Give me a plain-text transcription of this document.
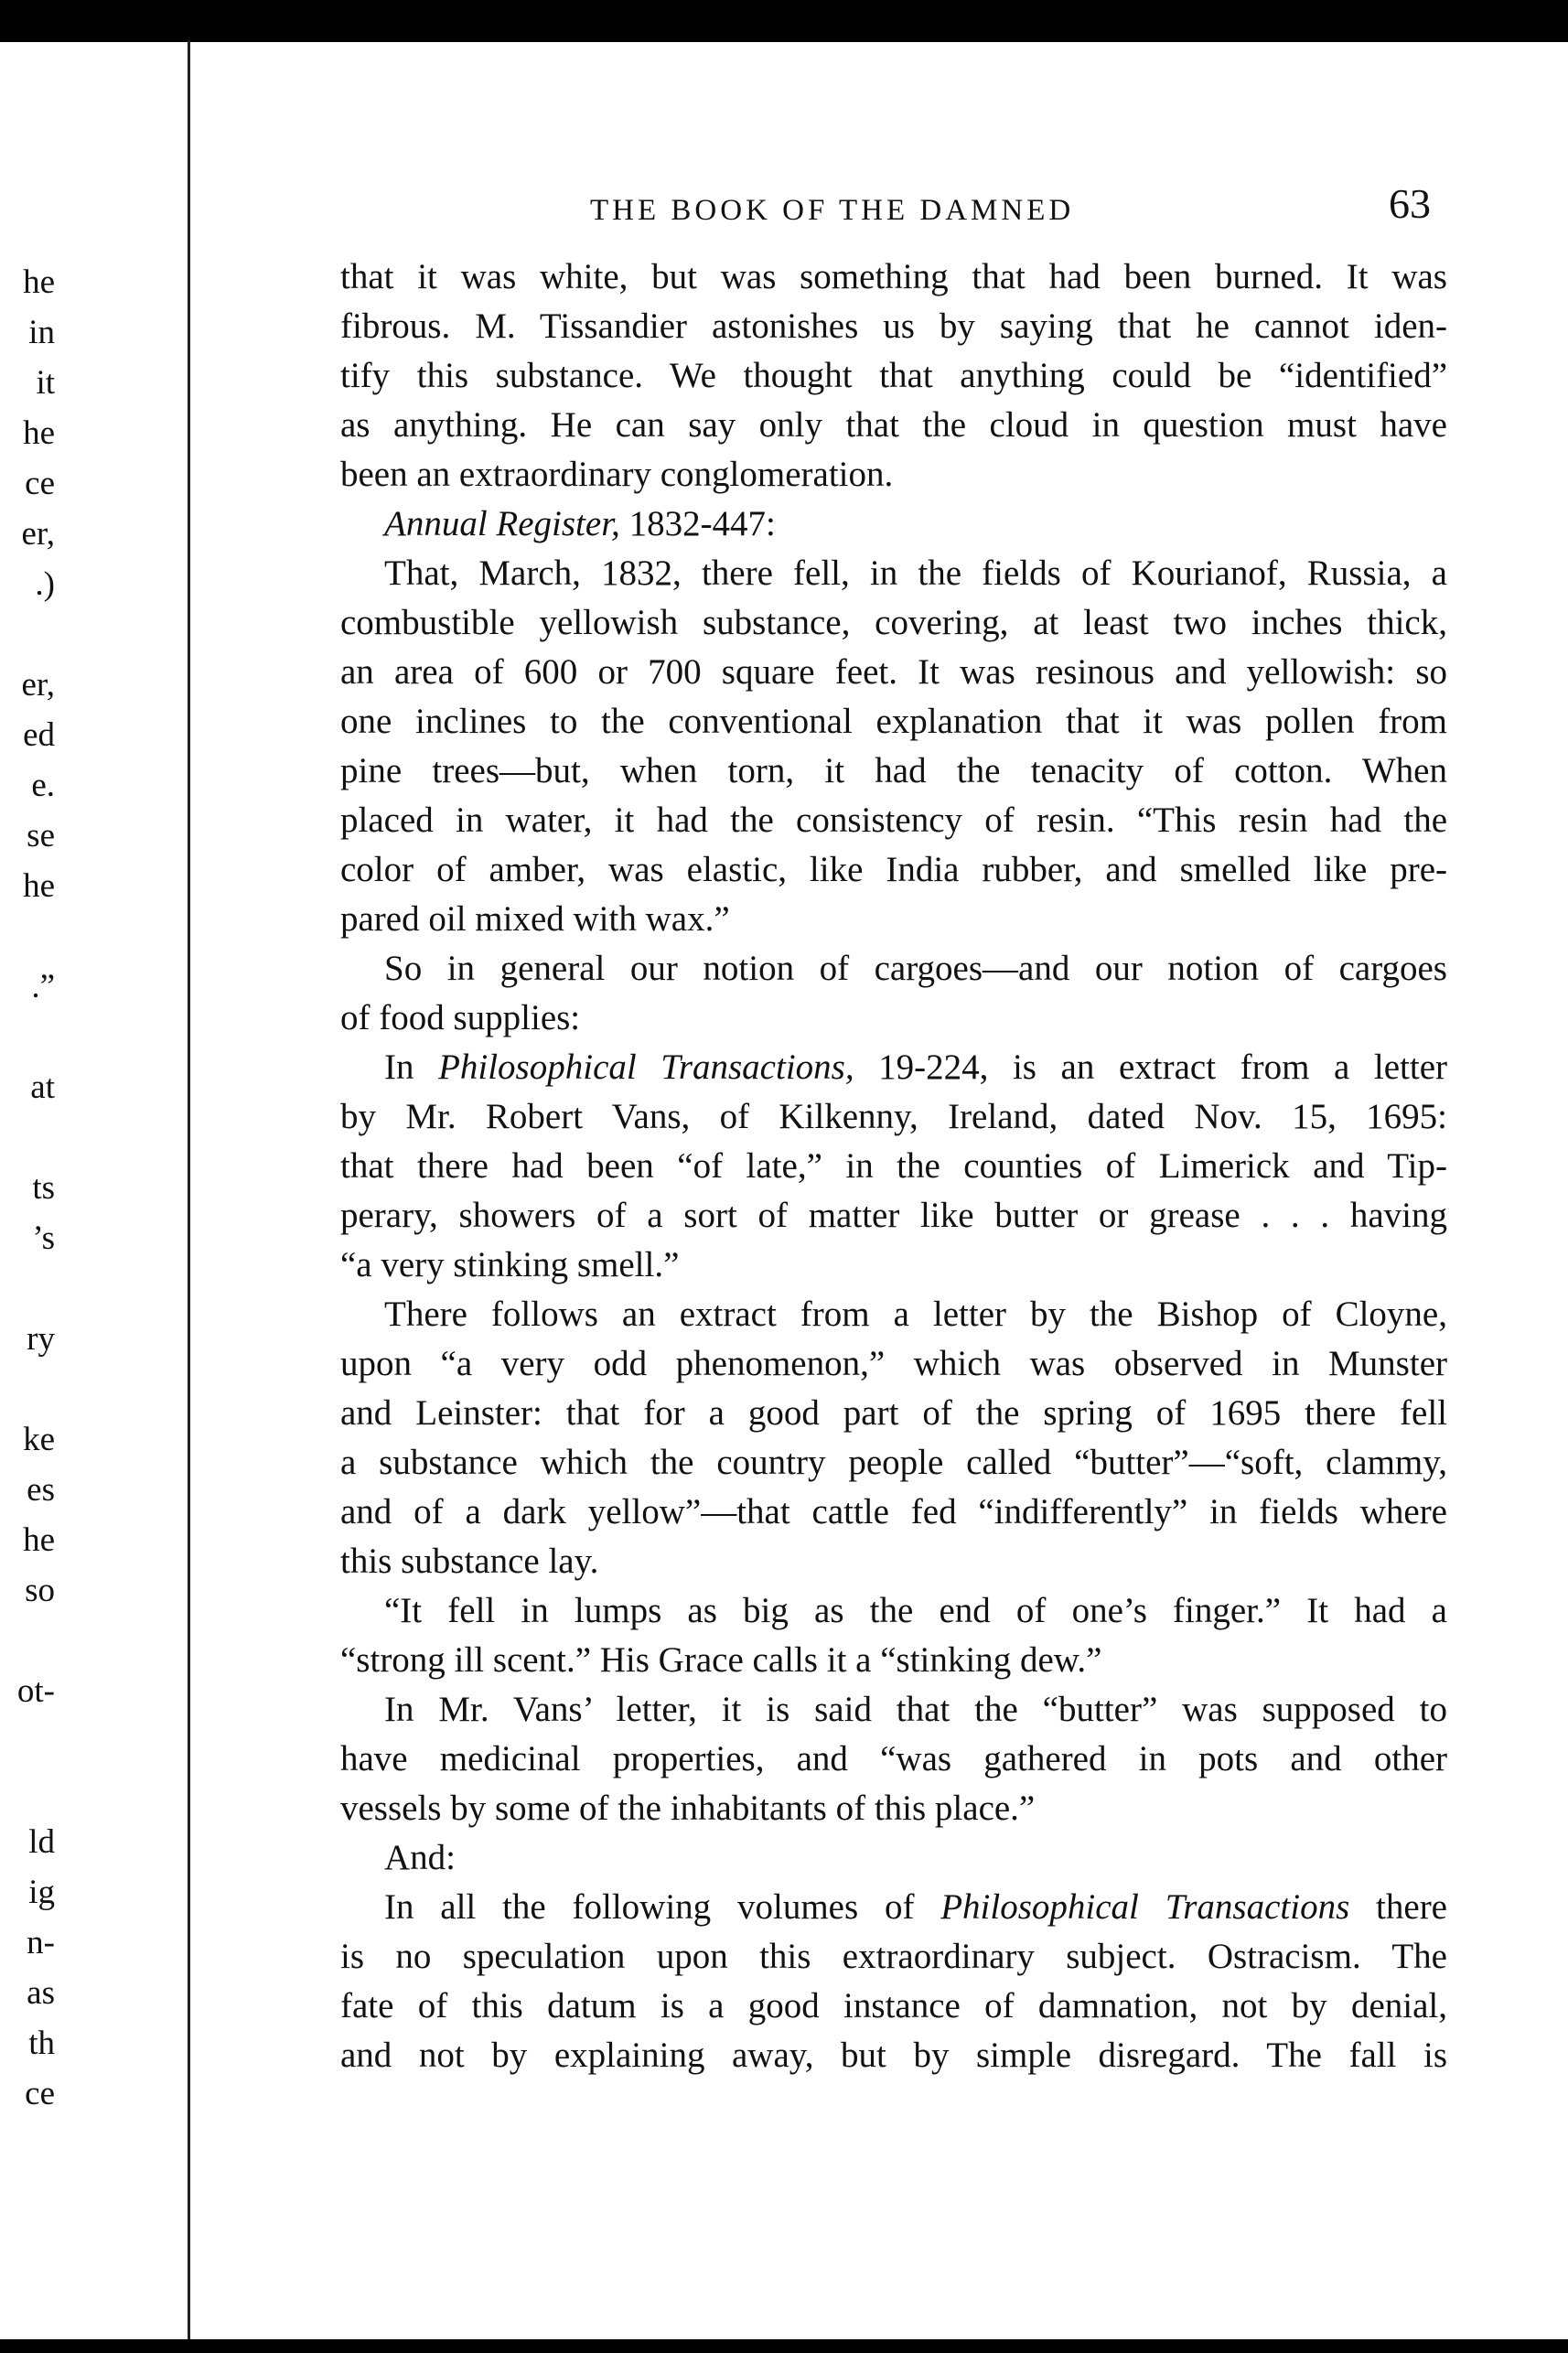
he
in
it
he
ce
er,
.)
er,
ed
e.
se
he
.”
at
ts
’s
ry
ke
es
he
so
ot-
ld
ig
n-
as
th
ce
THE BOOK OF THE DAMNED	63
that it was white, but was something that had been burned. It was
fibrous. M. Tissandier astonishes us by saying that he cannot iden-
tify this substance. We thought that anything could be “identified”
as anything. He can say only that the cloud in question must have
been an extraordinary conglomeration.
Annual Register, 1832-447:
That, March, 1832, there fell, in the fields of Kourianof, Russia, a
combustible yellowish substance, covering, at least two inches thick,
an area of 600 or 700 square feet. It was resinous and yellowish: so
one inclines to the conventional explanation that it was pollen from
pine trees—but, when torn, it had the tenacity of cotton. When
placed in water, it had the consistency of resin. “This resin had the
color of amber, was elastic, like India rubber, and smelled like pre-
pared oil mixed with wax.”
So in general our notion of cargoes—and our notion of cargoes
of food supplies:
In Philosophical Transactions, 19-224, is an extract from a letter
by Mr. Robert Vans, of Kilkenny, Ireland, dated Nov. 15, 1695:
that there had been “of late,” in the counties of Limerick and Tip-
perary, showers of a sort of matter like butter or grease . . . having
“a very stinking smell.”
There follows an extract from a letter by the Bishop of Cloyne,
upon “a very odd phenomenon,” which was observed in Munster
and Leinster: that for a good part of the spring of 1695 there fell
a substance which the country people called “butter”—“soft, clammy,
and of a dark yellow”—that cattle fed “indifferently” in fields where
this substance lay.
“It fell in lumps as big as the end of one’s finger.” It had a
“strong ill scent.” His Grace calls it a “stinking dew.”
In Mr. Vans’ letter, it is said that the “butter” was supposed to
have medicinal properties, and “was gathered in pots and other
vessels by some of the inhabitants of this place.”
And:
In all the following volumes of Philosophical Transactions there
is no speculation upon this extraordinary subject. Ostracism. The
fate of this datum is a good instance of damnation, not by denial,
and not by explaining away, but by simple disregard. The fall is
